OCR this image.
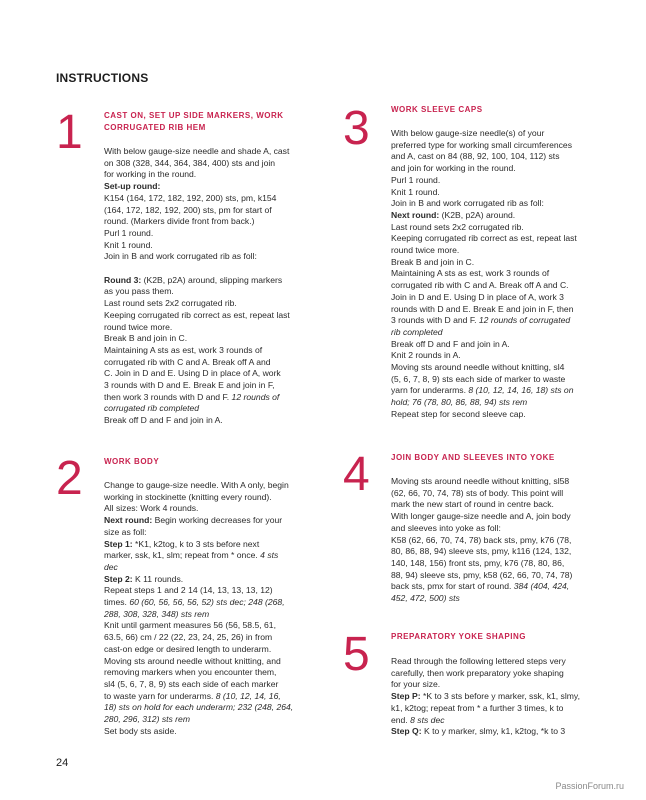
INSTRUCTIONS
1	CAST ON, SET UP SIDE MARKERS, WORK
CORRUGATED RIB HEM

With below gauge-size needle and shade A, cast

on 308 (328, 344, 364, 384, 400) sts and join

for working in the round.

Set-up round:

K154 (164, 172, 182, 192, 200) sts, pm, k154

(164, 172, 182, 192, 200) sts, pm for start of

round. (Markers divide front from back.)

Purl 1 round.

Knit 1 round.

Join in B and work corrugated rib as foll:

Round 3: (K2B, p2A) around, slipping markers

as you pass them.

Last round sets 2x2 corrugated rib.

Keeping corrugated rib correct as est, repeat last

round twice more.

Break B and join in C.

Maintaining A sts as est, work 3 rounds of

corrugated rib with C and A. Break off A and

C. Join in D and E. Using D in place of A, work

3 rounds with D and E. Break E and join in F,

then work 3 rounds with D and F. 12 rounds of

corrugated rib completed

Break off D and F and join in A.

2	WORK BODY

Change to gauge-size needle. With A only, begin

working in stockinette (knitting every round).

All sizes: Work 4 rounds.

Next round: Begin working decreases for your

size as foll:

Step 1: *K1, k2tog, k to 3 sts before next

marker, ssk, k1, slm; repeat from * once. 4 sts

dec

Step 2: K 11 rounds.

Repeat steps 1 and 2 14 (14, 13, 13, 13, 12)

times. 60 (60, 56, 56, 56, 52) sts dec; 248 (268,

288, 308, 328, 348) sts rem

Knit until garment measures 56 (56, 58.5, 61,

63.5, 66) cm / 22 (22, 23, 24, 25, 26) in from

cast-on edge or desired length to underarm.

Moving sts around needle without knitting, and

removing markers when you encounter them,

sl4 (5, 6, 7, 8, 9) sts each side of each marker

to waste yarn for underarms. 8 (10, 12, 14, 16,

18) sts on hold for each underarm; 232 (248, 264,

280, 296, 312) sts rem

Set body sts aside.

3	WORK SLEEVE CAPS

With below gauge-size needle(s) of your

preferred type for working small circumferences

and A, cast on 84 (88, 92, 100, 104, 112) sts

and join for working in the round.

Purl 1 round.

Knit 1 round.

Join in B and work corrugated rib as foll:

Next round: (K2B, p2A) around.

Last round sets 2x2 corrugated rib.

Keeping corrugated rib correct as est, repeat last

round twice more.

Break B and join in C.

Maintaining A sts as est, work 3 rounds of

corrugated rib with C and A. Break off A and C.

Join in D and E. Using D in place of A, work 3

rounds with D and E. Break E and join in F, then

3 rounds with D and F. 12 rounds of corrugated

rib completed

Break off D and F and join in A.

Knit 2 rounds in A.

Moving sts around needle without knitting, sl4

(5, 6, 7, 8, 9) sts each side of marker to waste

yarn for underarms. 8 (10, 12, 14, 16, 18) sts on

hold; 76 (78, 80, 86, 88, 94) sts rem

Repeat step for second sleeve cap.

4	JOIN BODY AND SLEEVES INTO YOKE

Moving sts around needle without knitting, sl58

(62, 66, 70, 74, 78) sts of body. This point will

mark the new start of round in centre back.

With longer gauge-size needle and A, join body

and sleeves into yoke as foll:

K58 (62, 66, 70, 74, 78) back sts, pmy, k76 (78,

80, 86, 88, 94) sleeve sts, pmy, k116 (124, 132,

140, 148, 156) front sts, pmy, k76 (78, 80, 86,

88, 94) sleeve sts, pmy, k58 (62, 66, 70, 74, 78)

back sts, pmx for start of round. 384 (404, 424,

452, 472, 500) sts

5	PREPARATORY YOKE SHAPING

Read through the following lettered steps very

carefully, then work preparatory yoke shaping

for your size.

Step P: *K to 3 sts before y marker, ssk, k1, slmy,

k1, k2tog; repeat from * a further 3 times, k to

end. 8 sts dec

Step Q: K to y marker, slmy, k1, k2tog, *k to 3

24
PassionForum.ru
